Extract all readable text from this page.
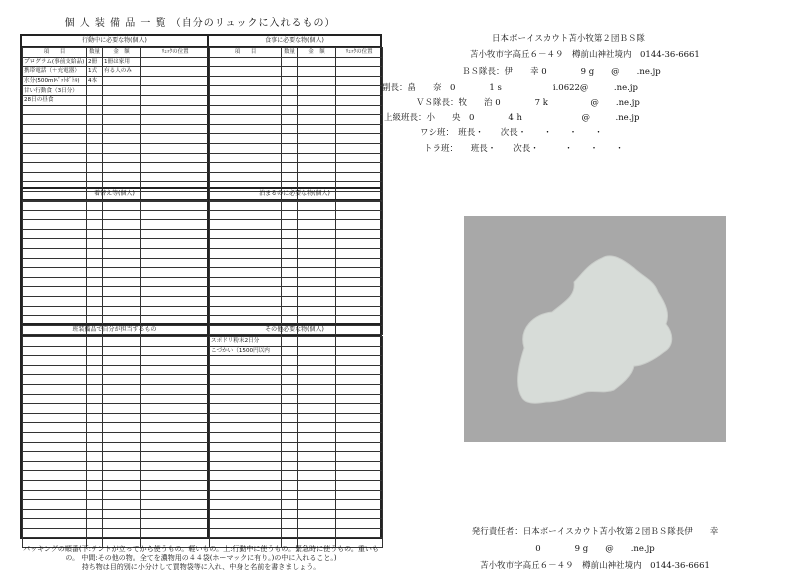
個 人 装 備 品 一 覧 （自分のリュックに入れるもの）
行動中に必要な物(個人)
項　　目	数量	金　額	ﾘｭｯｸの位置
プログラム(事前支給品)	2冊	1冊は家用	
携帯電話（＋充電器）	1式	有る人のみ	
水分(500mlﾍﾟｯﾄﾎﾞﾄﾙ)	4本		
甘い行動食（3日分）			
28日の昼食			

食事に必要な物(個人)
項　　目	数量	金　額	ﾘｭｯｸの位置

着替え等(個人)

				泊まるのに必要な物(個人)

班装備品で自分が担当するもの

				その他必要な物(個人)
スポドリ粉末2日分			
こづかい（1500円以内			

パッキングの順番(下:テントが立ってから使うもの。軽いもの。上:行動中に使うもの。緊急時に使うもの。重いもの。 中間:その他の物。全てを濃物用の４４袋(ホーマックに有り。)の中に入れること。)
持ち物は目的別に小分けして買物袋等に入れ、中身と名前を書きましょう。
日本ボーイスカウト苫小牧第２団ＢＳ隊
苫小牧市字高丘６－４９　樽前山神社境内　0144-36-6661
ＢＳ隊長：伊　　幸 0　　　　9 g　　@　　.ne.jp
副長：畠　　奈　0　　　　1 s　　　　　　i.0622@　　　.ne.jp
ＶＳ隊長：牧　　治 0　　　　7 k　　　　　@　　.ne.jp
上級班長：小　　央　0　　　　4 h　　　　　　　@　　　.ne.jp
ワシ班：　班長・　　次長・　　・　　・　　・
トラ班：　　班長・　　次長・　　　・　　・　　・
発行責任者：日本ボーイスカウト苫小牧第２団ＢＳ隊長伊　　幸
0　　　　9 g　　@　　.ne.jp
苫小牧市字高丘６－４９　樽前山神社境内　0144-36-6661
